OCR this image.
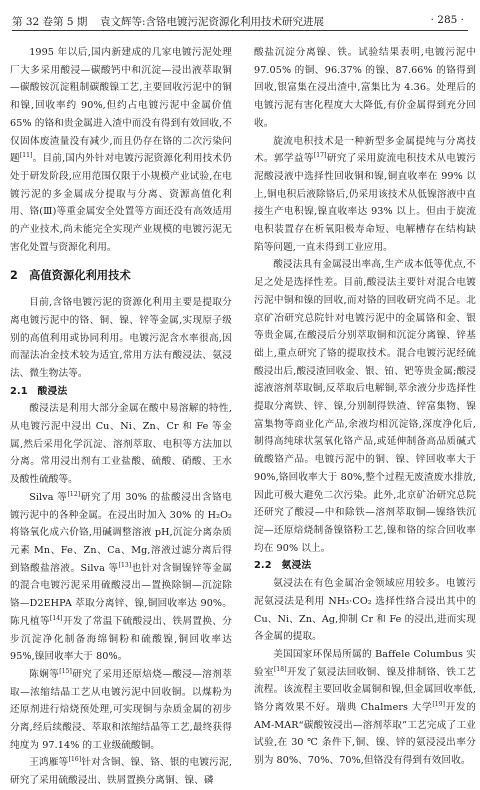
第 32 卷第 5 期 袁文辉等:含铬电镀污泥资源化利用技术研究进展	· 285 ·

1995 年以后,国内新建成的几家电镀污泥处理厂大多采用酸浸—碳酸钙中和沉淀—浸出液萃取铜—碳酸铵沉淀粗制碳酸镍工艺,主要回收污泥中的铜和镍,回收率约 90%,但约占电镀污泥中金属价值 65% 的铬和贵金属进入渣中而没有得到有效回收,不仅固体废渣量没有减少,而且仍存在铬的二次污染问题[11]。目前,国内外针对电镀污泥资源化利用技术仍处于研发阶段,应用范围仅限于小规模产业试验,在电镀污泥的多金属成分提取与分离、资源高值化利用、铬(Ⅲ)等重金属安全处置等方面还没有高效适用的产业技术,尚未能完全实现产业规模的电镀污泥无害化处置与资源化利用。

2　高值资源化利用技术

目前,含铬电镀污泥的资源化利用主要是提取分离电镀污泥中的铬、铜、镍、锌等金属,实现原子级别的高值利用或协同利用。电镀污泥含水率很高,因而湿法冶金技术较为适宜,常用方法有酸浸法、氨浸法、微生物法等。

2.1　酸浸法

酸浸法是利用大部分金属在酸中易溶解的特性,从电镀污泥中浸出 Cu、Ni、Zn、Cr 和 Fe 等金属,然后采用化学沉淀、溶剂萃取、电积等方法加以分离。常用浸出剂有工业盐酸、硫酸、硝酸、王水及酸性硫酸等。

Silva 等[12]研究了用 30% 的盐酸浸出含铬电镀污泥中的各种金属。在浸出时加入 30% 的 H₂O₂ 将铬氧化成六价铬,用碱调整溶液 pH,沉淀分离杂质元素 Mn、Fe、Zn、Ca、Mg,溶液过滤分离后得到铬酸盐溶液。Silva 等[13]也针对含铜镍锌等金属的混合电镀污泥采用硫酸浸出—置换除铜—沉淀除铬—D2EHPA 萃取分离锌、镍,铜回收率达 90%。陈凡植等[14]开发了常温下硫酸浸出、铁屑置换、分步沉淀净化制备海绵铜粉和硫酸镍,铜回收率达 95%,镍回收率大于 80%。

陈娴等[15]研究了采用还原焙烧—酸浸—溶剂萃取—浓缩结晶工艺从电镀污泥中回收铜。以煤粉为还原剂进行焙烧预处理,可实现铜与杂质金属的初步分离,经后续酸浸、萃取和浓缩结晶等工艺,最终获得纯度为 97.14% 的工业级硫酸铜。

王鸿雁等[16]针对含铜、镍、铬、银的电镀污泥,研究了采用硫酸浸出、铁屑置换分离铜、镍、磷

酸盐沉淀分离镍、铁。试验结果表明,电镀污泥中 97.05% 的铜、96.37% 的镍、87.66% 的铬得到回收,银富集在浸出渣中,富集比为 4.36。处理后的电镀污泥有害化程度大大降低,有价金属得到充分回收。

旋流电积技术是一种新型多金属提纯与分离技术。郭学益等[17]研究了采用旋流电积技术从电镀污泥酸浸液中选择性回收铜和镍,铜直收率在 99% 以上,铜电积后液除铬后,仍采用该技术从低镍溶液中直接生产电积镍,镍直收率达 93% 以上。但由于旋流电积装置存在析氧阳极寿命短、电解槽存在结构缺陷等问题,一直未得到工业应用。

酸浸法具有金属浸出率高,生产成本低等优点,不足之处是选择性差。目前,酸浸法主要针对混合电镀污泥中铜和镍的回收,而对铬的回收研究尚不足。北京矿冶研究总院针对电镀污泥中的金属铬和金、银等贵金属,在酸浸后分别萃取铜和沉淀分离镍、锌基础上,重点研究了铬的提取技术。混合电镀污泥经硫酸浸出后,酸浸渣回收金、银、铂、钯等贵金属;酸浸滤液溶剂萃取铜,反萃取后电解铜,萃余液分步选择性提取分离铁、锌、镍,分别制得铁渣、锌富集物、镍富集物等商业化产品,余液均相沉淀铬,深度净化后,制得高纯球状氢氧化铬产品,或延伸制备高品质碱式硫酸铬产品。电镀污泥中的铜、镍、锌回收率大于 90%,铬回收率大于 80%,整个过程无废渣废水排放,因此可极大避免二次污染。此外,北京矿冶研究总院还研究了酸浸—中和除铁—溶剂萃取铜—镍络铁沉淀—还原焙烧制备镍铬粉工艺,镍和铬的综合回收率均在 90% 以上。

2.2　氨浸法

氨浸法在有色金属冶金领域应用较多。电镀污泥氨浸法是利用 NH₃·CO₂ 选择性络合浸出其中的 Cu、Ni、Zn、Ag,抑制 Cr 和 Fe 的浸出,进而实现各金属的提取。

美国国家环保局所属的 Baffele Columbus 实验室[18]开发了氨浸法回收铜、镍及排制铬、铁工艺流程。该流程主要回收金属铜和镍,但金属回收率低,铬分离效果不好。瑞典 Chalmers 大学[19]开发的 AM-MAR“碳酸铵浸出—溶剂萃取”工艺完成了工业试验,在 30 ℃ 条件下,铜、镍、锌的氨浸浸出率分别为 80%、70%、70%,但铬没有得到有效回收。
